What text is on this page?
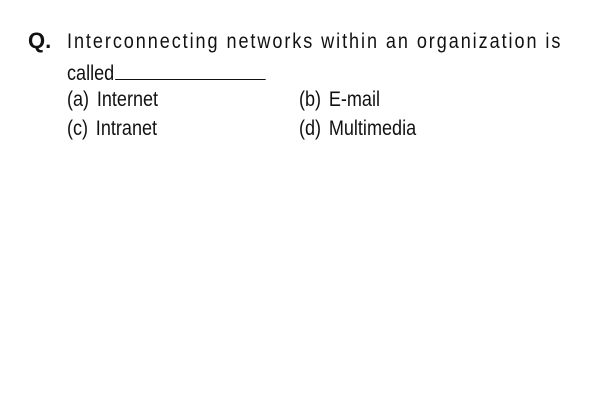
Q. Interconnecting networks within an organization is
called
(a) Internet	(b) E-mail
(c) Intranet	(d) Multimedia
